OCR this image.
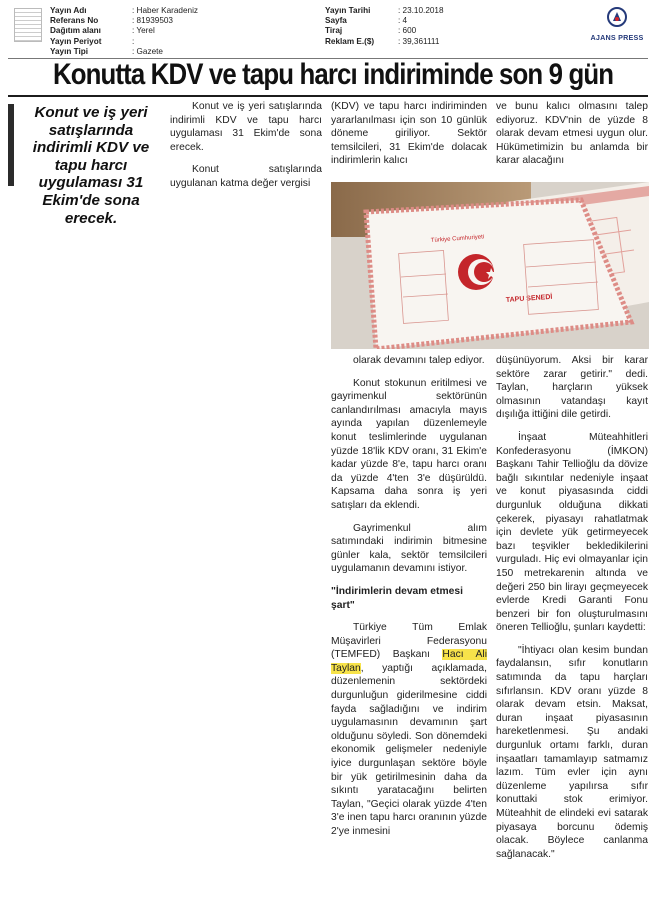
Yayın Adı	: Haber Karadeniz
Referans No	: 81939503
Dağıtım alanı	: Yerel
Yayın Periyot	:
Yayın Tipi	: Gazete
Yayın Tarihi	: 23.10.2018
Sayfa	: 4
Tiraj	: 600
Reklam E.($)	: 39,361111	AJANS PRESS
Konutta KDV ve tapu harcı indiriminde son 9 gün
Konut ve iş yeri satışlarında indirimli KDV ve tapu harcı uygulaması 31 Ekim'de sona erecek.

Konut ve iş yeri satışlarında indirimli KDV ve tapu harcı uygulaması 31 Ekim'de sona erecek.

Konut satışlarında uygulanan katma değer vergisi

(KDV) ve tapu harcı indiriminden yararlanılması için son 10 günlük döneme giriliyor. Sektör temsilcileri, 31 Ekim'de dolacak indirimlerin kalıcı

ve bunu kalıcı olmasını talep ediyoruz. KDV'nin de yüzde 8 olarak devam etmesi uygun olur. Hükümetimizin bu anlamda bir karar alacağını

Türkiye Cumhuriyeti
TAPU SENEDİ

olarak devamını talep ediyor.

Konut stokunun eritilmesi ve gayrimenkul sektörünün canlandırılması amacıyla mayıs ayında yapılan düzenlemeyle konut teslimlerinde uygulanan yüzde 18'lik KDV oranı, 31 Ekim'e kadar yüzde 8'e, tapu harcı oranı da yüzde 4'ten 3'e düşürüldü. Kapsama daha sonra iş yeri satışları da eklendi.

Gayrimenkul alım satımındaki indirimin bitmesine günler kala, sektör temsilcileri uygulamanın devamını istiyor.

"İndirimlerin devam etmesi şart"

Türkiye Tüm Emlak Müşavirleri Federasyonu (TEMFED) Başkanı Hacı Ali Taylan, yaptığı açıklamada, düzenlemenin sektördeki durgunluğun giderilmesine ciddi fayda sağladığını ve indirim uygulamasının devamının şart olduğunu söyledi. Son dönemdeki ekonomik gelişmeler nedeniyle iyice durgunlaşan sektöre böyle bir yük getirilmesinin daha da sıkıntı yaratacağını belirten Taylan, "Geçici olarak yüzde 4'ten 3'e inen tapu harcı oranının yüzde 2'ye inmesini

düşünüyorum. Aksi bir karar sektöre zarar getirir." dedi. Taylan, harçların yüksek olmasının vatandaşı kayıt dışılığa ittiğini dile getirdi.

İnşaat Müteahhitleri Konfederasyonu (İMKON) Başkanı Tahir Tellioğlu da dövize bağlı sıkıntılar nedeniyle inşaat ve konut piyasasında ciddi durgunluk olduğuna dikkati çekerek, piyasayı rahatlatmak için devlete yük getirmeyecek bazı teşvikler bekledikilerini vurguladı. Hiç evi olmayanlar için 150 metrekarenin altında ve değeri 250 bin lirayı geçmeyecek evlerde Kredi Garanti Fonu benzeri bir fon oluşturulmasını öneren Tellioğlu, şunları kaydetti:

"İhtiyacı olan kesim bundan faydalansın, sıfır konutların satımında da tapu harçları sıfırlansın. KDV oranı yüzde 8 olarak devam etsin. Maksat, duran inşaat piyasasının hareketlenmesi. Şu andaki durgunluk ortamı farklı, duran inşaatları tamamlayıp satmamız lazım. Tüm evler için aynı düzenleme yapılırsa sıfır konuttaki stok erimiyor. Müteahhit de elindeki evi satarak piyasaya borcunu ödemiş olacak. Böylece canlanma sağlanacak."
